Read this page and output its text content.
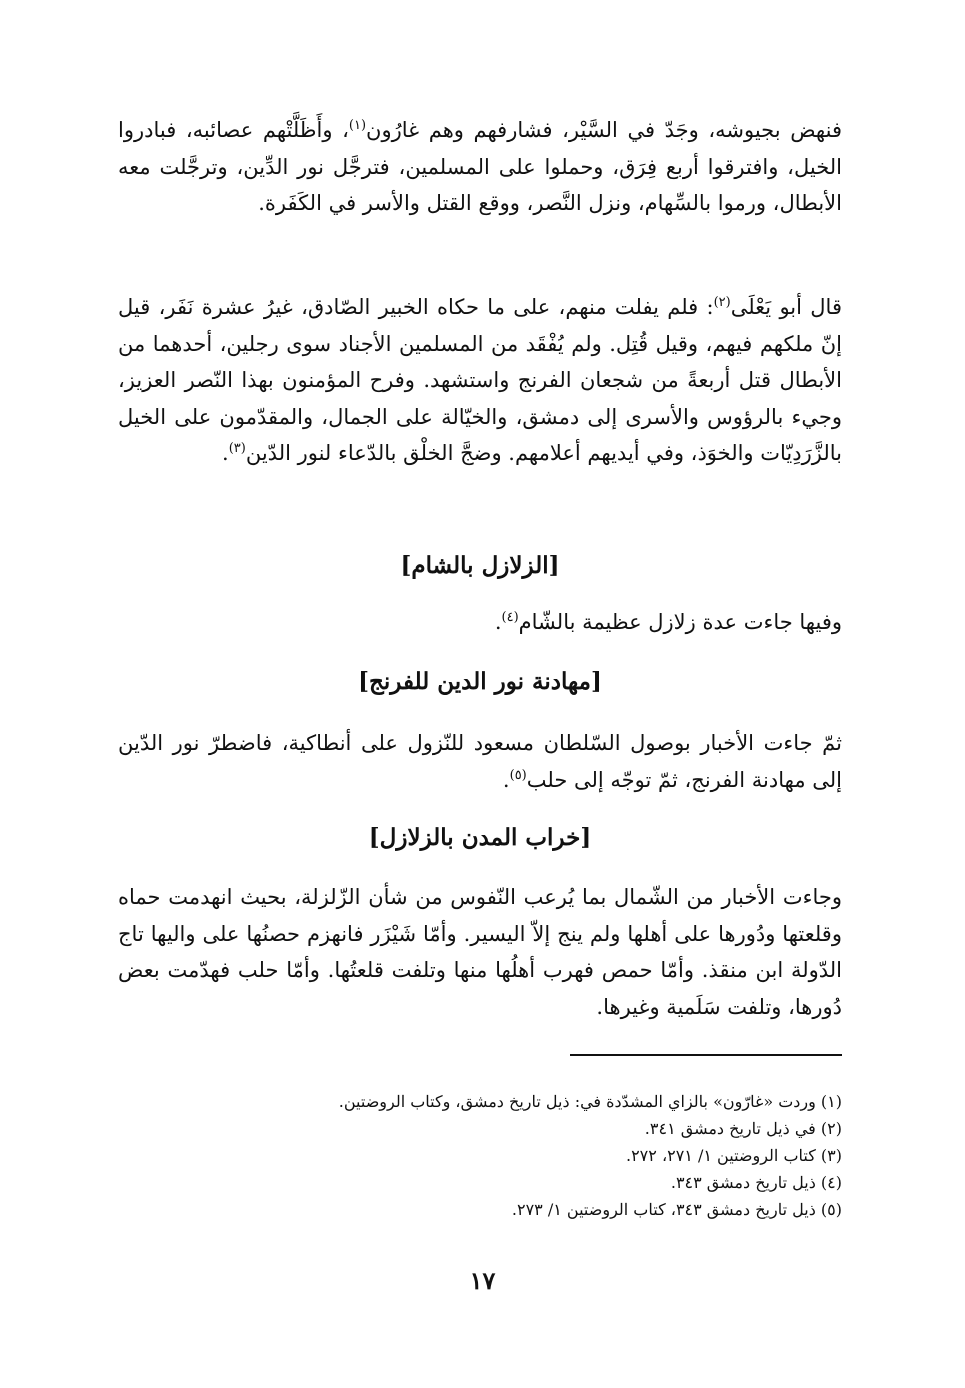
فنهض بجيوشه، وجَدّ في السَّيْر، فشارفهم وهم غارُون$^{(١)}$، وأَظَلَّتْهم عصائبه، فبادروا الخيل، وافترقوا أربع فِرَق، وحملوا على المسلمين، فترجَّل نور الدِّين، وترجَّلت معه الأبطال، ورموا بالسِّهام، ونزل النَّصر، ووقع القتل والأسر في الكَفَرة.

قال أبو يَعْلَى$^{(٢)}$: فلم يفلت منهم، على ما حكاه الخبير الصّادق، غيرُ عشرة نَفَر، قيل إنّ ملكهم فيهم، وقيل قُتِل. ولم يُفْقَد من المسلمين الأجناد سوى رجلين، أحدهما من الأبطال قتل أربعةً من شجعان الفرنج واستشهد. وفرح المؤمنون بهذا النّصر العزيز، وجيء بالرؤوس والأسرى إلى دمشق، والخيّالة على الجمال، والمقدّمون على الخيل بالزَّرَدِيّات والخوَذ، وفي أيديهم أعلامهم. وضجَّ الخلْق بالدّعاء لنور الدّين$^{(٣)}$.

[الزلازل بالشام]

وفيها جاءت عدة زلازل عظيمة بالشّام$^{(٤)}$.

[مهادنة نور الدين للفرنج]

ثمّ جاءت الأخبار بوصول السّلطان مسعود للنّزول على أنطاكية، فاضطرّ نور الدّين إلى مهادنة الفرنج، ثمّ توجّه إلى حلب$^{(٥)}$.

[خراب المدن بالزلازل]

وجاءت الأخبار من الشّمال بما يُرعب النّفوس من شأن الزّلزلة، بحيث انهدمت حماه وقلعتها ودُورها على أهلها ولم ينج إلاّ اليسير. وأمّا شَيْزَر فانهزم حصنُها على واليها تاج الدّولة ابن منقذ. وأمّا حمص فهرب أهلُها منها وتلفت قلعتُها. وأمّا حلب فهدّمت بعض دُورها، وتلفت سَلَمية وغيرها.

(١) وردت «غارّون» بالزاي المشدّدة في: ذيل تاريخ دمشق، وكتاب الروضتين.

(٢) في ذيل تاريخ دمشق ٣٤١.

(٣) كتاب الروضتين ١/ ٢٧١، ٢٧٢.

(٤) ذيل تاريخ دمشق ٣٤٣.

(٥) ذيل تاريخ دمشق ٣٤٣، كتاب الروضتين ١/ ٢٧٣.

١٧
